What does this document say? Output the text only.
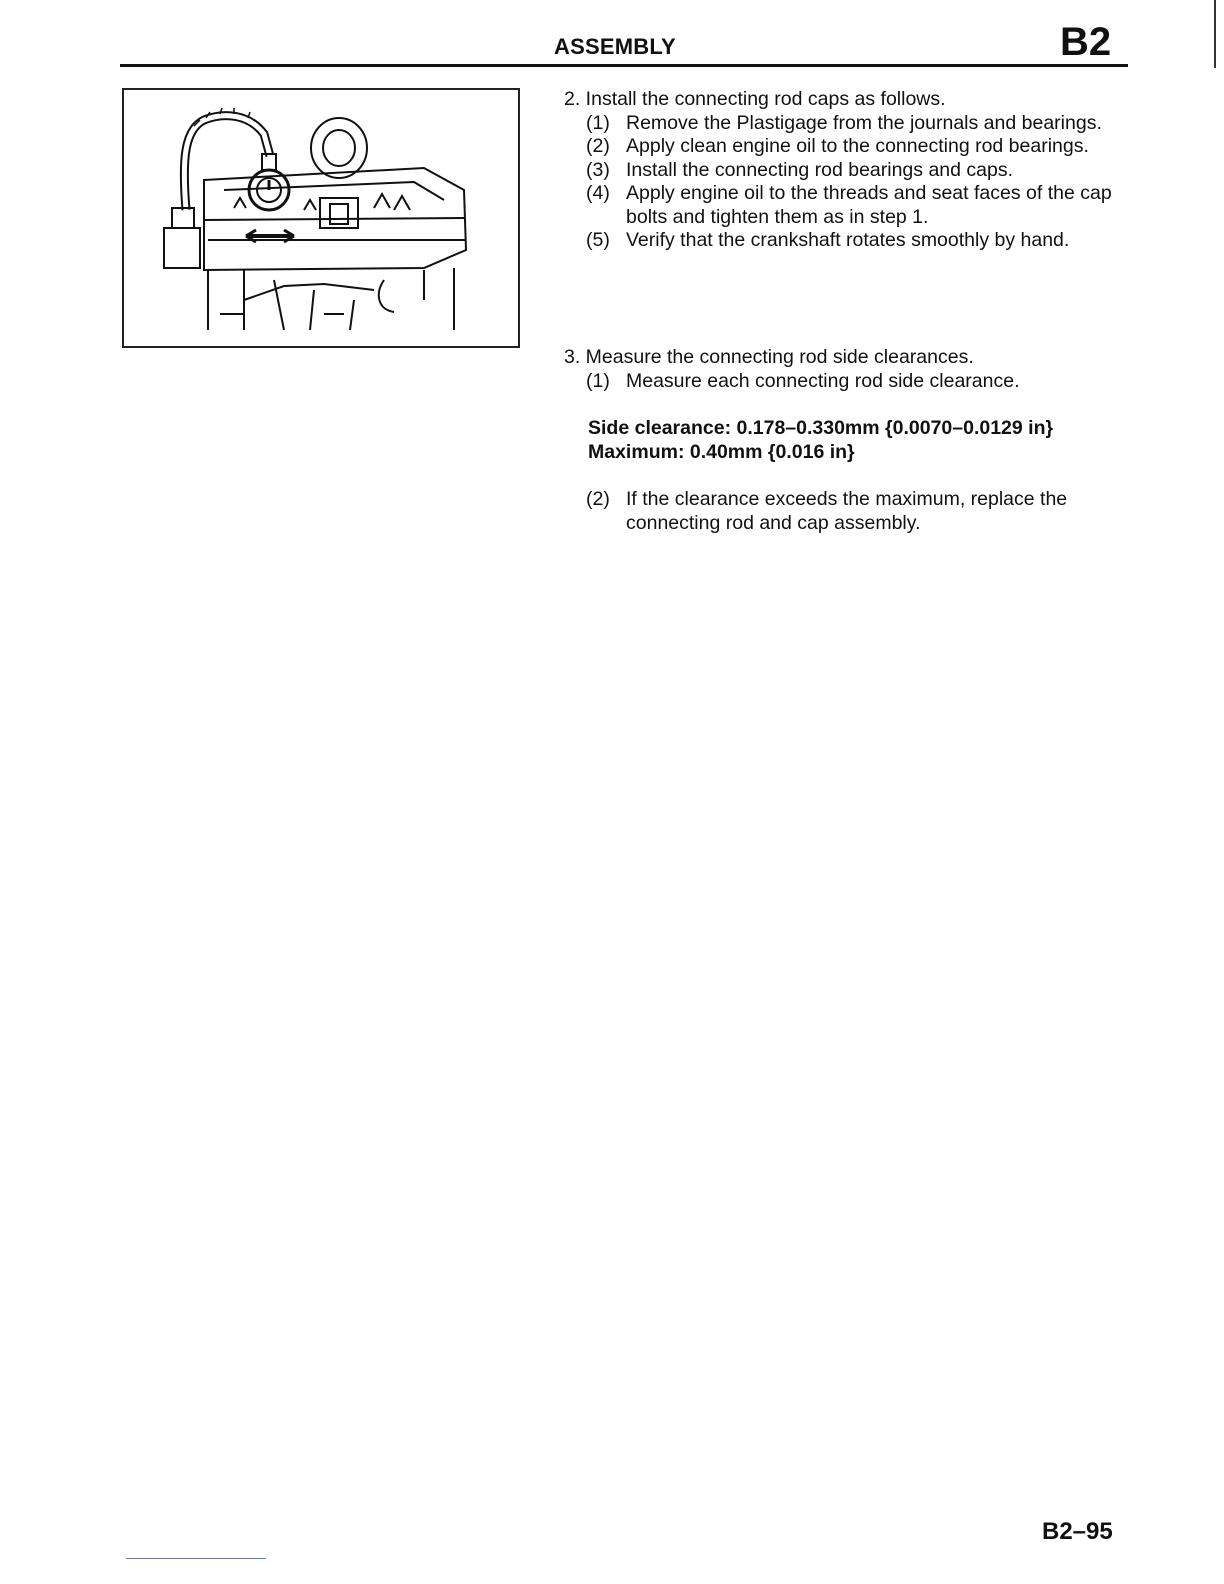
ASSEMBLY	B2

2. Install the connecting rod caps as follows.

(1) Remove the Plastigage from the journals and bearings.
(2) Apply clean engine oil to the connecting rod bearings.
(3) Install the connecting rod bearings and caps.
(4) Apply engine oil to the threads and seat faces of the cap bolts and tighten them as in step 1.
(5) Verify that the crankshaft rotates smoothly by hand.

3. Measure the connecting rod side clearances.

(1) Measure each connecting rod side clearance.

Side clearance: 0.178–0.330mm {0.0070–0.0129 in}

Maximum: 0.40mm {0.016 in}

(2) If the clearance exceeds the maximum, replace the connecting rod and cap assembly.
B2–95
